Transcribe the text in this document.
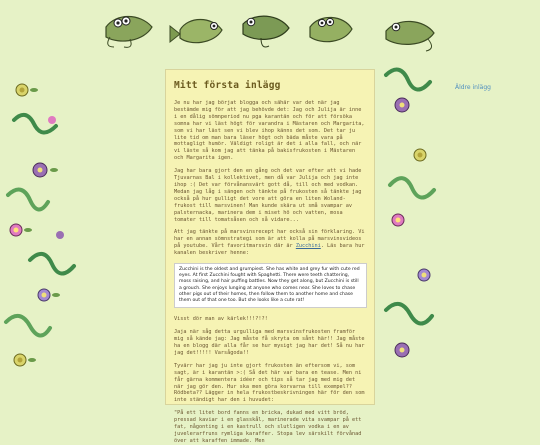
Mitt första inlägg

Je nu har jag börjat blogga och sähär var det när jag bestämde mig för att jag behövde det: Jag och Julija är inne i en dålig sömnperiod nu pga karantän och för att försöka somna har vi läst högt för varandra i Mästaren och Margarita, som vi har läst sen vi blev ihop känns det som. Det tar ju lite tid om man bara läser högt och bäda måste vara på mottagligt humör. Väldigt roligt är det i alla fall, och när vi läste så kom jag att tänka på bakisfrukosten i Mästaren och Margarita igen.

Jag har bara gjort den en gång och det var efter att vi hade Tjuvarnas Bal i kollektivet, men då var Julija och jag inte ihop :( Det var förvånansvärt gott då, till och med vodkan. Medan jag låg i sängen och tänkte på frukosten så tänkte jag också på hur gulligt det vore att göra en liten Woland-frukost till marsvinen! Man kunde skära ut små svampar av palsternacka, marinera dem i miset hö och vatten, mosa tomater till tomatsåsen och så vidare...

Att jag tänkte på marsvinsrecept har också sin förklaring. Vi har en annan sömnstrategi som är att kolla på marsvinsvideos på youtube. Vårt favoritmarsvin där är Zucchini. Läs bara hur kanalen beskriver henne:

Zucchini is the oldest and grumpiest. She has white and grey fur with cute red eyes. At first Zucchini fought with Spaghetti. There were teeth chattering, moss raising, and hair puffing battles. Now they get along, but Zucchini is still a grouch. She enjoys lunging at anyone who comes near. She loves to chase other pigs out of their homes, then follow them to another home and chase them out of that one too. But she looks like a cute rat!

Visst dör man av kärlek!!!?!?!

Jaja när såg detta urgulliga med marsvinsfrukosten framför mig så kände jag: Jag måste få skryta om sånt här!! Jag måste ha en blogg där alla får se hur mysigt jag har det! Så nu har jag det!!!!! Varsågoda!!

Tyvärr har jag ju inte gjort frukosten än eftersom vi, som sagt, är i karantän >:( Så det här var bara en tease. Men ni får gärna kommentera idéer och tips så tar jag med mig det när jag gör den. Hur ska men göra korvarna till exempel?? Rödbeta?? Lägger in hela frukostbeskrivningen här för den som inte ständigt har den i huvudet:

"På ett litet bord fanns en bricka, dukad med vitt bröd, pressad kaviar i en glasskål, marinerade vita svampar på ett fat, någonting i en kastrull och slutligen vodka i en av juvelerarfruns rymliga karaffer. Stopa lev särskilt förvånad över att karaffen immade. Men

Äldre inlägg
